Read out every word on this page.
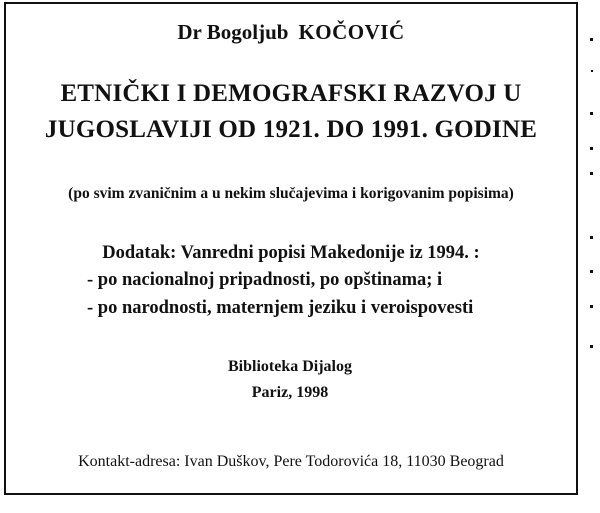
Dr Bogoljub KOČOVIĆ
ETNIČKI I DEMOGRAFSKI RAZVOJ U
JUGOSLAVIJI OD 1921. DO 1991. GODINE
(po svim zvaničnim a u nekim slučajevima i korigovanim popisima)
Dodatak: Vanredni popisi Makedonije iz 1994. :
- po nacionalnoj pripadnosti, po opštinama; i
- po narodnosti, maternjem jeziku i veroispovesti
Biblioteka Dijalog
Pariz, 1998
Kontakt-adresa: Ivan Duškov, Pere Todorovića 18, 11030 Beograd
